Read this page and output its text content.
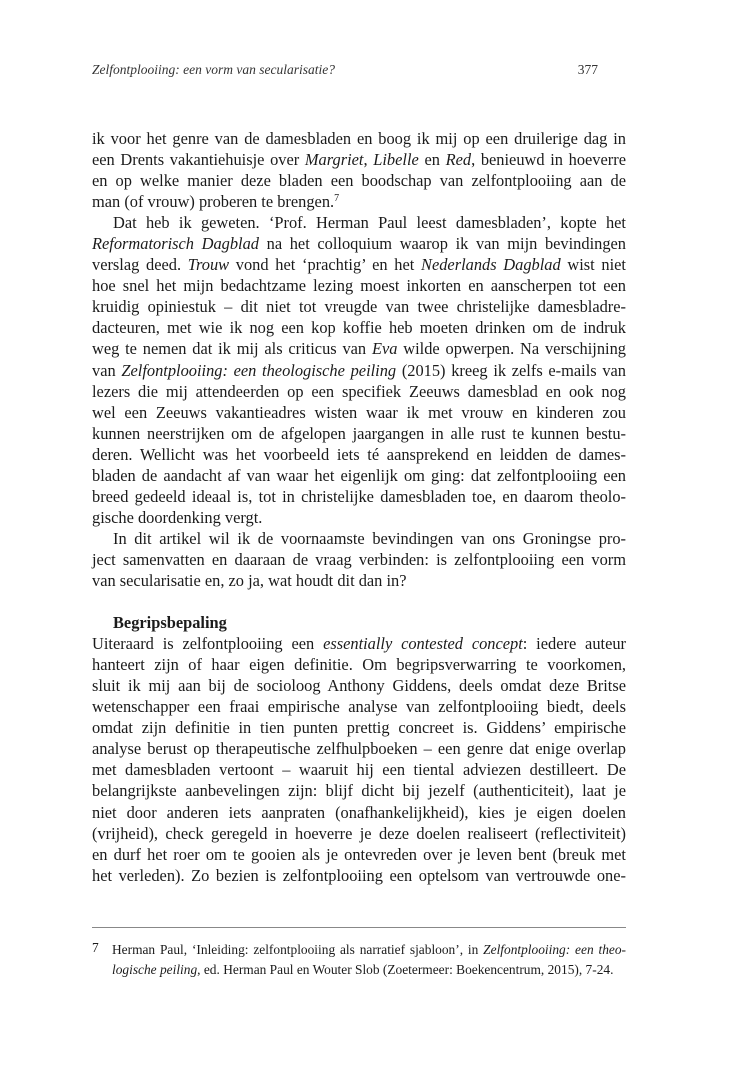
Zelfontplooiing: een vorm van secularisatie?	377
ik voor het genre van de damesbladen en boog ik mij op een druilerige dag in
een Drents vakantiehuisje over Margriet, Libelle en Red, benieuwd in hoeverre
en op welke manier deze bladen een boodschap van zelfontplooiing aan de
man (of vrouw) proberen te brengen.$^7$
Dat heb ik geweten. ‘Prof. Herman Paul leest damesbladen’, kopte het
Reformatorisch Dagblad na het colloquium waarop ik van mijn bevindingen
verslag deed. Trouw vond het ‘prachtig’ en het Nederlands Dagblad wist niet
hoe snel het mijn bedachtzame lezing moest inkorten en aanscherpen tot een
kruidig opiniestuk – dit niet tot vreugde van twee christelijke damesbladre-
dacteuren, met wie ik nog een kop koffie heb moeten drinken om de indruk
weg te nemen dat ik mij als criticus van Eva wilde opwerpen. Na verschijning
van Zelfontplooiing: een theologische peiling (2015) kreeg ik zelfs e-mails van
lezers die mij attendeerden op een specifiek Zeeuws damesblad en ook nog
wel een Zeeuws vakantieadres wisten waar ik met vrouw en kinderen zou
kunnen neerstrijken om de afgelopen jaargangen in alle rust te kunnen bestu-
deren. Wellicht was het voorbeeld iets té aansprekend en leidden de dames-
bladen de aandacht af van waar het eigenlijk om ging: dat zelfontplooiing een
breed gedeeld ideaal is, tot in christelijke damesbladen toe, en daarom theolo-
gische doordenking vergt.
In dit artikel wil ik de voornaamste bevindingen van ons Groningse pro-
ject samenvatten en daaraan de vraag verbinden: is zelfontplooiing een vorm
van secularisatie en, zo ja, wat houdt dit dan in?
Begripsbepaling
Uiteraard is zelfontplooiing een essentially contested concept: iedere auteur
hanteert zijn of haar eigen definitie. Om begripsverwarring te voorkomen,
sluit ik mij aan bij de socioloog Anthony Giddens, deels omdat deze Britse
wetenschapper een fraai empirische analyse van zelfontplooiing biedt, deels
omdat zijn definitie in tien punten prettig concreet is. Giddens’ empirische
analyse berust op therapeutische zelfhulpboeken – een genre dat enige overlap
met damesbladen vertoont – waaruit hij een tiental adviezen destilleert. De
belangrijkste aanbevelingen zijn: blijf dicht bij jezelf (authenticiteit), laat je
niet door anderen iets aanpraten (onafhankelijkheid), kies je eigen doelen
(vrijheid), check geregeld in hoeverre je deze doelen realiseert (reflectiviteit)
en durf het roer om te gooien als je ontevreden over je leven bent (breuk met
het verleden). Zo bezien is zelfontplooiing een optelsom van vertrouwde one-
7 Herman Paul, ‘Inleiding: zelfontplooiing als narratief sjabloon’, in Zelfontplooiing: een theo-
logische peiling, ed. Herman Paul en Wouter Slob (Zoetermeer: Boekencentrum, 2015), 7-24.
